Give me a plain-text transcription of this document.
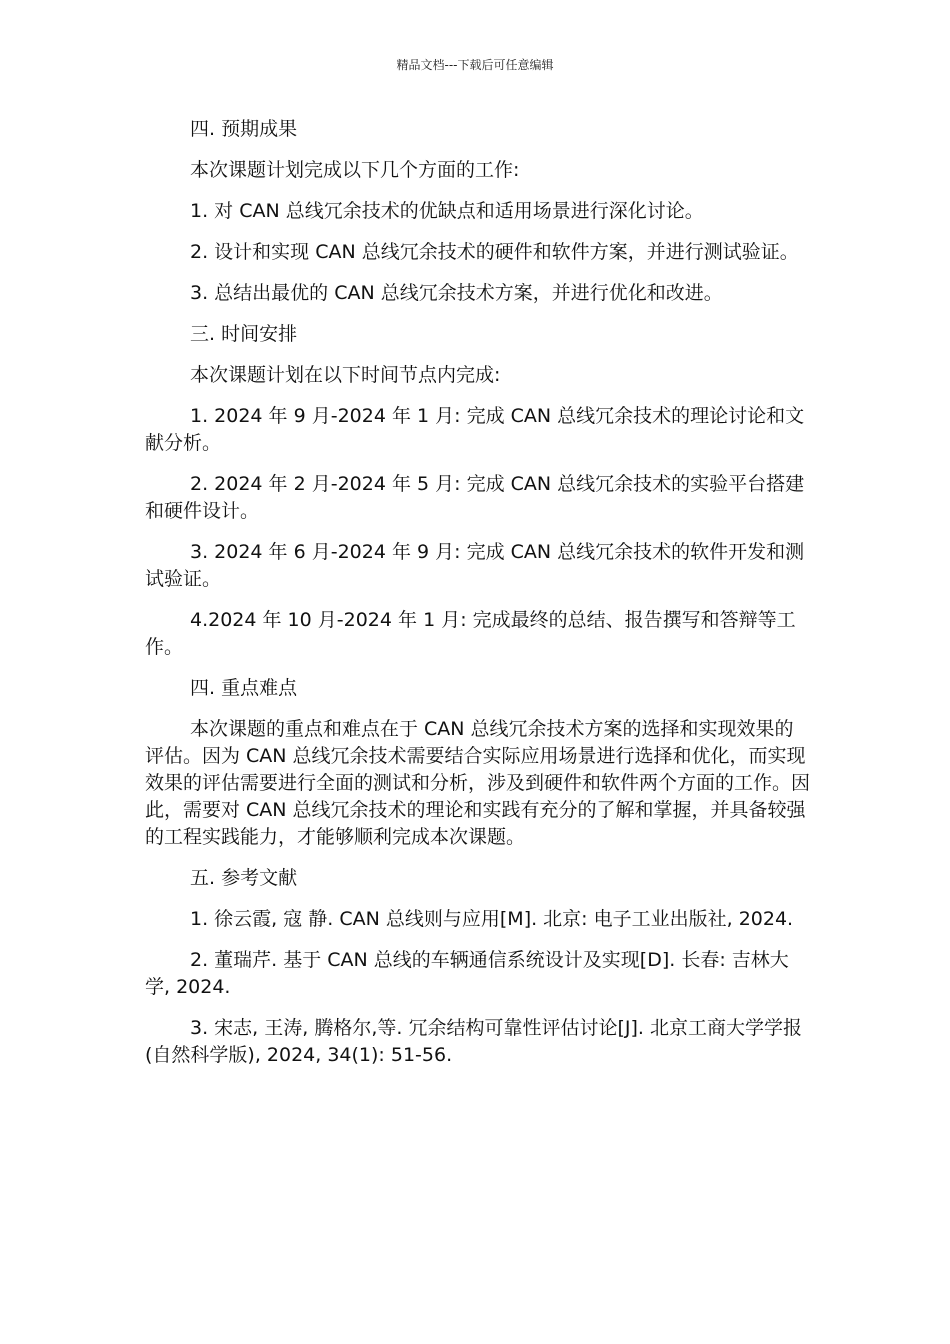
精品文档---下载后可任意编辑

四. 预期成果

本次课题计划完成以下几个方面的工作:

1. 对 CAN 总线冗余技术的优缺点和适用场景进行深化讨论。

2. 设计和实现 CAN 总线冗余技术的硬件和软件方案，并进行测试验证。

3. 总结出最优的 CAN 总线冗余技术方案，并进行优化和改进。

三. 时间安排

本次课题计划在以下时间节点内完成:

1. 2024 年 9 月-2024 年 1 月: 完成 CAN 总线冗余技术的理论讨论和文献分析。

2. 2024 年 2 月-2024 年 5 月: 完成 CAN 总线冗余技术的实验平台搭建和硬件设计。

3. 2024 年 6 月-2024 年 9 月: 完成 CAN 总线冗余技术的软件开发和测试验证。

4.2024 年 10 月-2024 年 1 月: 完成最终的总结、报告撰写和答辩等工作。

四. 重点难点

本次课题的重点和难点在于 CAN 总线冗余技术方案的选择和实现效果的评估。因为 CAN 总线冗余技术需要结合实际应用场景进行选择和优化，而实现效果的评估需要进行全面的测试和分析，涉及到硬件和软件两个方面的工作。因此，需要对 CAN 总线冗余技术的理论和实践有充分的了解和掌握，并具备较强的工程实践能力，才能够顺利完成本次课题。

五. 参考文献

1. 徐云霞, 寇 静. CAN 总线则与应用[M]. 北京: 电子工业出版社, 2024.

2. 董瑞芹. 基于 CAN 总线的车辆通信系统设计及实现[D]. 长春: 吉林大学, 2024.

3. 宋志, 王涛, 腾格尔,等. 冗余结构可靠性评估讨论[J]. 北京工商大学学报(自然科学版), 2024, 34(1): 51-56.
